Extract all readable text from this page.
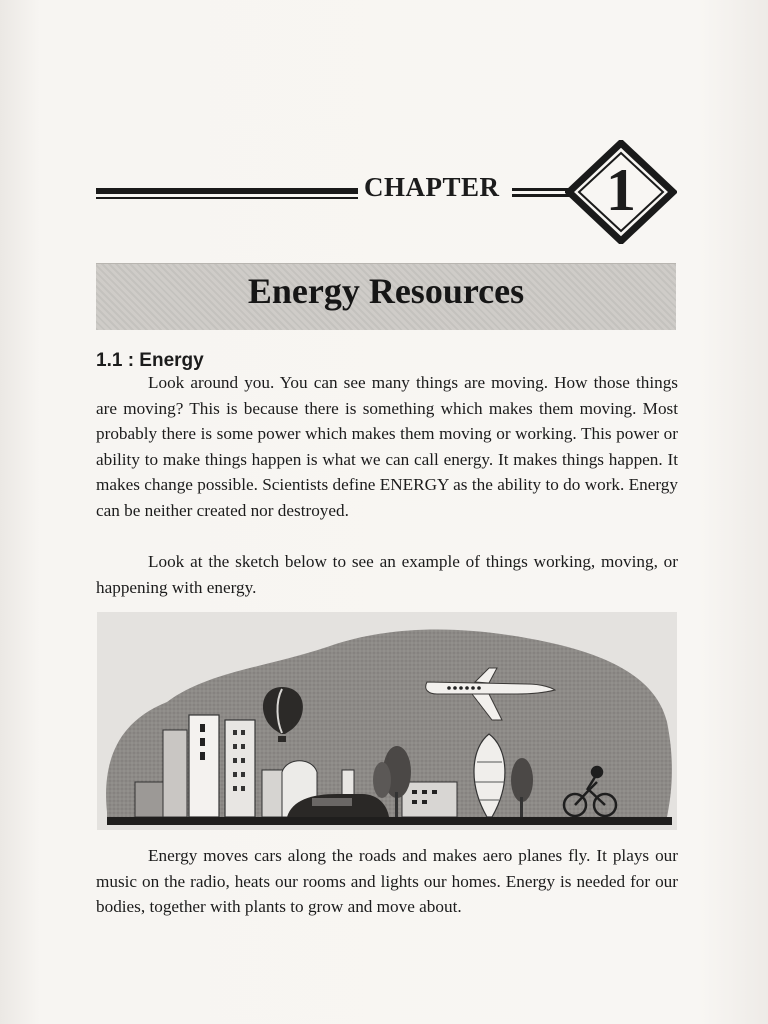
CHAPTER	1
Energy Resources
1.1 : Energy

Look around you. You can see many things are moving. How those things are moving? This is because there is something which makes them moving. Most probably there is some power which makes them moving or working. This power or ability to make things happen is what we can call energy. It makes things happen. It makes change possible. Scientists define ENERGY as the ability to do work. Energy can be neither created nor destroyed.

Look at the sketch below to see an example of things working, moving, or happening with energy.

Energy moves cars along the roads and makes aero planes fly. It plays our music on the radio, heats our rooms and lights our homes. Energy is needed for our bodies, together with plants to grow and move about.
